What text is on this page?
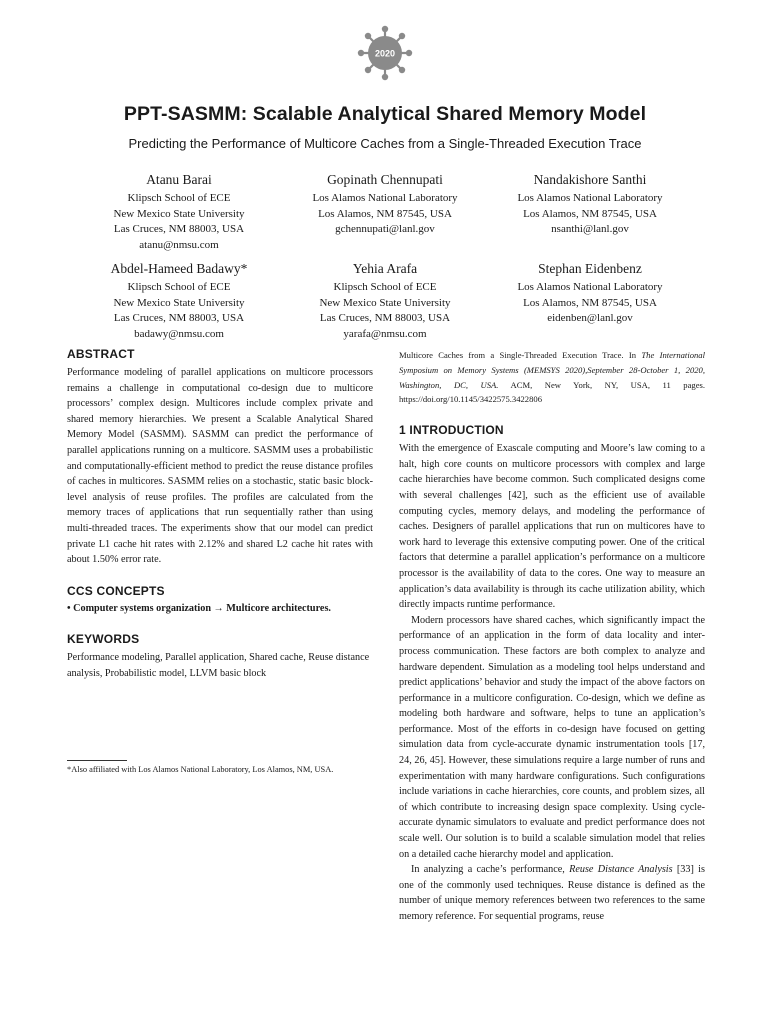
2020
PPT-SASMM: Scalable Analytical Shared Memory Model
Predicting the Performance of Multicore Caches from a Single-Threaded Execution Trace
Atanu Barai
Klipsch School of ECE
New Mexico State University
Las Cruces, NM 88003, USA
atanu@nmsu.com
Gopinath Chennupati
Los Alamos National Laboratory
Los Alamos, NM 87545, USA
gchennupati@lanl.gov
Nandakishore Santhi
Los Alamos National Laboratory
Los Alamos, NM 87545, USA
nsanthi@lanl.gov
Abdel-Hameed Badawy*
Klipsch School of ECE
New Mexico State University
Las Cruces, NM 88003, USA
badawy@nmsu.com
Yehia Arafa
Klipsch School of ECE
New Mexico State University
Las Cruces, NM 88003, USA
yarafa@nmsu.com
Stephan Eidenbenz
Los Alamos National Laboratory
Los Alamos, NM 87545, USA
eidenben@lanl.gov
ABSTRACT
Performance modeling of parallel applications on multicore processors remains a challenge in computational co-design due to multicore processors’ complex design. Multicores include complex private and shared memory hierarchies. We present a Scalable Analytical Shared Memory Model (SASMM). SASMM can predict the performance of parallel applications running on a multicore. SASMM uses a probabilistic and computationally-efficient method to predict the reuse distance profiles of caches in multicores. SASMM relies on a stochastic, static basic block-level analysis of reuse profiles. The profiles are calculated from the memory traces of applications that run sequentially rather than using multi-threaded traces. The experiments show that our model can predict private L1 cache hit rates with 2.12% and shared L2 cache hit rates with about 1.50% error rate.
CCS CONCEPTS
• Computer systems organization → Multicore architectures.
KEYWORDS
Performance modeling, Parallel application, Shared cache, Reuse distance analysis, Probabilistic model, LLVM basic block
*Also affiliated with Los Alamos National Laboratory, Los Alamos, NM, USA.
Multicore Caches from a Single-Threaded Execution Trace. In The International Symposium on Memory Systems (MEMSYS 2020),September 28-October 1, 2020, Washington, DC, USA. ACM, New York, NY, USA, 11 pages. https://doi.org/10.1145/3422575.3422806
1 INTRODUCTION
With the emergence of Exascale computing and Moore’s law coming to a halt, high core counts on multicore processors with complex and large cache hierarchies have become common. Such complicated designs come with several challenges [42], such as the efficient use of available computing cycles, memory delays, and modeling the performance of caches. Designers of parallel applications that run on multicores have to work hard to leverage this extensive computing power. One of the critical factors that determine a parallel application’s performance on a multicore processor is the availability of data to the cores. One way to measure an application’s data availability is through its cache utilization ability, which directly impacts runtime performance.
Modern processors have shared caches, which significantly impact the performance of an application in the form of data locality and inter-process communication. These factors are both complex to analyze and hardware dependent. Simulation as a modeling tool helps understand and predict applications’ behavior and study the impact of the above factors on performance in a multicore configuration. Co-design, which we define as modeling both hardware and software, helps to tune an application’s performance. Most of the efforts in co-design have focused on getting simulation data from cycle-accurate dynamic instrumentation tools [17, 24, 26, 45]. However, these simulations require a large number of runs and experimentation with many hardware configurations. Such configurations include variations in cache hierarchies, core counts, and problem sizes, all of which contribute to increasing design space complexity. Using cycle-accurate dynamic simulators to evaluate and predict performance does not scale well. Our solution is to build a scalable simulation model that relies on a detailed cache hierarchy model and application.
In analyzing a cache’s performance, Reuse Distance Analysis [33] is one of the commonly used techniques. Reuse distance is defined as the number of unique memory references between two references to the same memory reference. For sequential programs, reuse
